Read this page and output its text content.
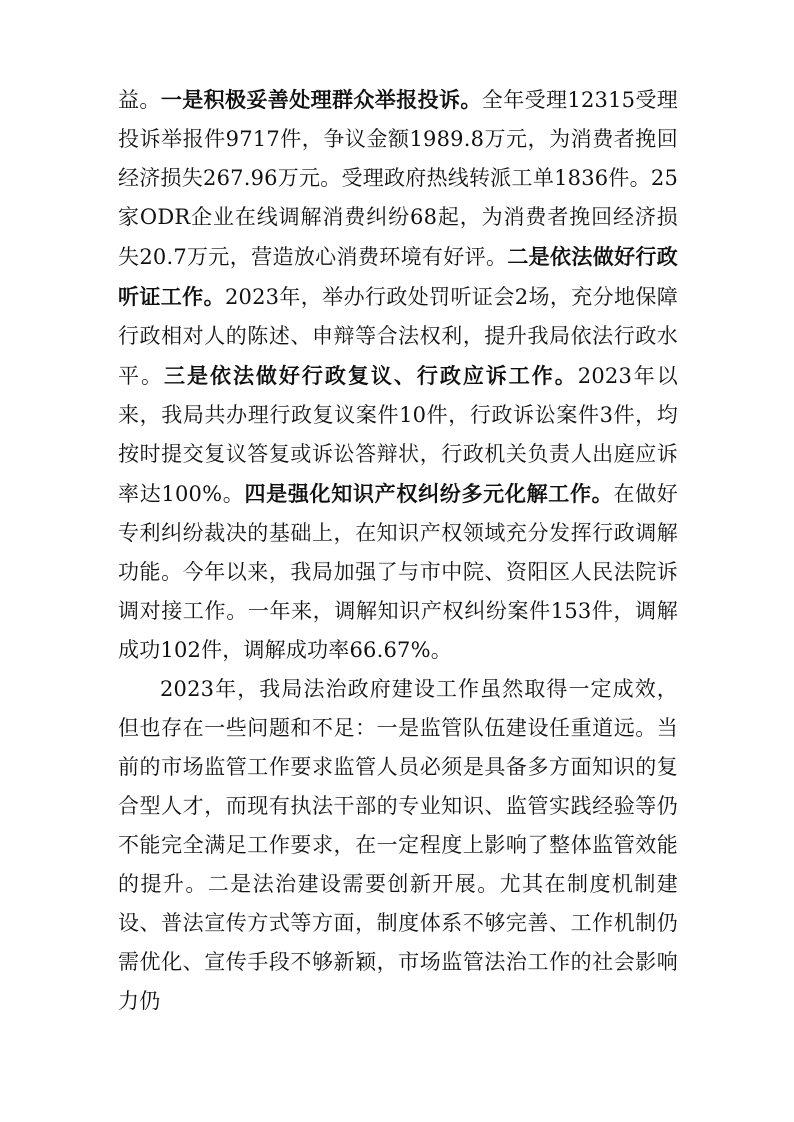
益。一是积极妥善处理群众举报投诉。全年受理12315受理投诉举报件9717件，争议金额1989.8万元，为消费者挽回经济损失267.96万元。受理政府热线转派工单1836件。25家ODR企业在线调解消费纠纷68起，为消费者挽回经济损失20.7万元，营造放心消费环境有好评。二是依法做好行政听证工作。2023年，举办行政处罚听证会2场，充分地保障行政相对人的陈述、申辩等合法权利，提升我局依法行政水平。三是依法做好行政复议、行政应诉工作。2023年以来，我局共办理行政复议案件10件，行政诉讼案件3件，均按时提交复议答复或诉讼答辩状，行政机关负责人出庭应诉率达100%。四是强化知识产权纠纷多元化解工作。在做好专利纠纷裁决的基础上，在知识产权领域充分发挥行政调解功能。今年以来，我局加强了与市中院、资阳区人民法院诉调对接工作。一年来，调解知识产权纠纷案件153件，调解成功102件，调解成功率66.67%。

2023年，我局法治政府建设工作虽然取得一定成效，但也存在一些问题和不足：一是监管队伍建设任重道远。当前的市场监管工作要求监管人员必须是具备多方面知识的复合型人才，而现有执法干部的专业知识、监管实践经验等仍不能完全满足工作要求，在一定程度上影响了整体监管效能的提升。二是法治建设需要创新开展。尤其在制度机制建设、普法宣传方式等方面，制度体系不够完善、工作机制仍需优化、宣传手段不够新颖，市场监管法治工作的社会影响力仍
